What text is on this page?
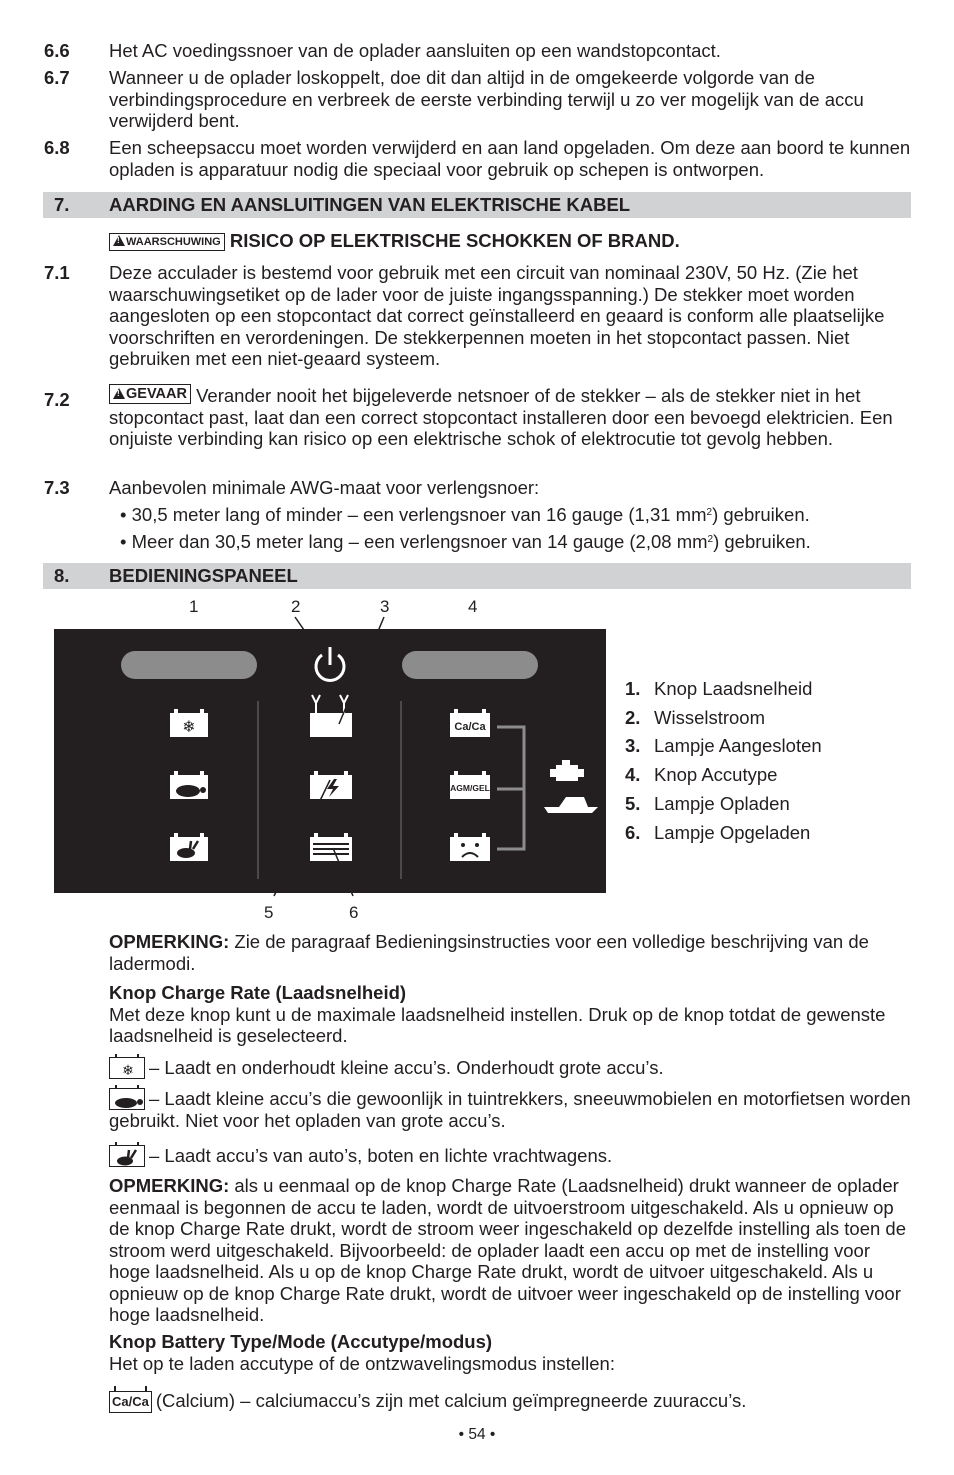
6.6 Het AC voedingssnoer van de oplader aansluiten op een wandstopcontact.
6.7 Wanneer u de oplader loskoppelt, doe dit dan altijd in de omgekeerde volgorde van de verbindingsprocedure en verbreek de eerste verbinding terwijl u zo ver mogelijk van de accu verwijderd bent.
6.8 Een scheepsaccu moet worden verwijderd en aan land opgeladen. Om deze aan boord te kunnen opladen is apparatuur nodig die speciaal voor gebruik op schepen is ontworpen.
7. AARDING EN AANSLUITINGEN VAN ELEKTRISCHE KABEL
!WAARSCHUWING RISICO OP ELEKTRISCHE SCHOKKEN OF BRAND.
7.1 Deze acculader is bestemd voor gebruik met een circuit van nominaal 230V, 50 Hz. (Zie het waarschuwingsetiket op de lader voor de juiste ingangsspanning.) De stekker moet worden aangesloten op een stopcontact dat correct geïnstalleerd en geaard is conform alle plaatselijke voorschriften en verordeningen. De stekkerpennen moeten in het stopcontact passen. Niet gebruiken met een niet-geaard systeem.
7.2
!	GEVAAR Verander nooit het bijgeleverde netsnoer of de stekker – als de stekker niet in het stopcontact past, laat dan een correct stopcontact installeren door een bevoegd elektricien. Een onjuiste verbinding kan risico op een elektrische schok of elektrocutie tot gevolg hebben.
7.3 Aanbevolen minimale AWG-maat voor verlengsnoer:
• 30,5 meter lang of minder – een verlengsnoer van 16 gauge (1,31 $mm^2$) gebruiken.
• Meer dan 30,5 meter lang – een verlengsnoer van 14 gauge (2,08 $mm^2$) gebruiken.
8. BEDIENINGSPANEEL
1	2	3	4
5	6
❄	Ca/Ca
AGM/GEL
1. Knop Laadsnelheid
2. Wisselstroom
3. Lampje Aangesloten
4. Knop Accutype
5. Lampje Opladen
6. Lampje Opgeladen
OPMERKING: Zie de paragraaf Bedieningsinstructies voor een volledige beschrijving van de ladermodi.
Knop Charge Rate (Laadsnelheid)
Met deze knop kunt u de maximale laadsnelheid instellen. Druk op de knop totdat de gewenste laadsnelheid is geselecteerd.
❄ – Laadt en onderhoudt kleine accu’s. Onderhoudt grote accu’s.
– Laadt kleine accu’s die gewoonlijk in tuintrekkers, sneeuwmobielen en motorfietsen worden gebruikt. Niet voor het opladen van grote accu’s.
– Laadt accu’s van auto’s, boten en lichte vrachtwagens.
OPMERKING: als u eenmaal op de knop Charge Rate (Laadsnelheid) drukt wanneer de oplader eenmaal is begonnen de accu te laden, wordt de uitvoerstroom uitgeschakeld. Als u opnieuw op de knop Charge Rate drukt, wordt de stroom weer ingeschakeld op dezelfde instelling als toen de stroom werd uitgeschakeld. Bijvoorbeeld: de oplader laadt een accu op met de instelling voor hoge laadsnelheid. Als u op de knop Charge Rate drukt, wordt de uitvoer uitgeschakeld. Als u opnieuw op de knop Charge Rate drukt, wordt de uitvoer weer ingeschakeld op de instelling voor hoge laadsnelheid.
Knop Battery Type/Mode (Accutype/modus)
Het op te laden accutype of de ontzwavelingsmodus instellen:
Ca/Ca (Calcium) – calciumaccu’s zijn met calcium geïmpregneerde zuuraccu’s.
• 54 •
